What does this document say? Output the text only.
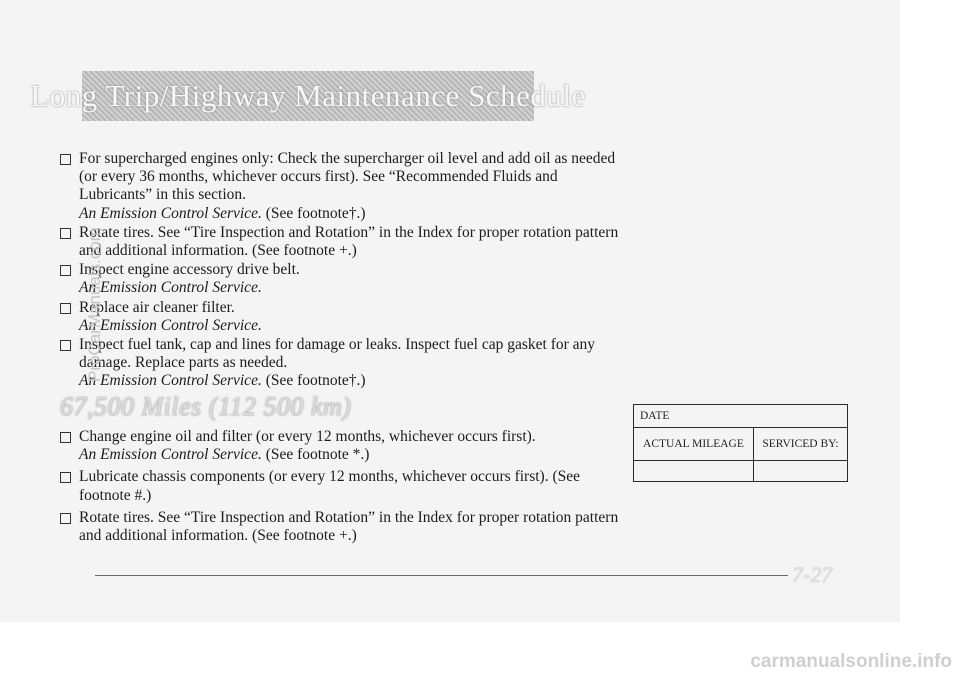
Long Trip/Highway Maintenance Schedule
For supercharged engines only: Check the supercharger oil level and add oil as needed (or every 36 months, whichever occurs first). See “Recommended Fluids and Lubricants” in this section.
An Emission Control Service. (See footnote†.)
Rotate tires. See “Tire Inspection and Rotation” in the Index for proper rotation pattern and additional information. (See footnote +.)
Inspect engine accessory drive belt.
An Emission Control Service.
Replace air cleaner filter.
An Emission Control Service.
Inspect fuel tank, cap and lines for damage or leaks. Inspect fuel cap gasket for any damage. Replace parts as needed.
An Emission Control Service. (See footnote†.)
67,500 Miles (112 500 km)
Change engine oil and filter (or every 12 months, whichever occurs first).
An Emission Control Service. (See footnote *.)
Lubricate chassis components (or every 12 months, whichever occurs first). (See footnote #.)
Rotate tires. See “Tire Inspection and Rotation” in the Index for proper rotation pattern and additional information. (See footnote +.)
DATE	
ACTUAL MILEAGE	SERVICED BY:

ProCarManuals.com
7-27
carmanualsonline.info
